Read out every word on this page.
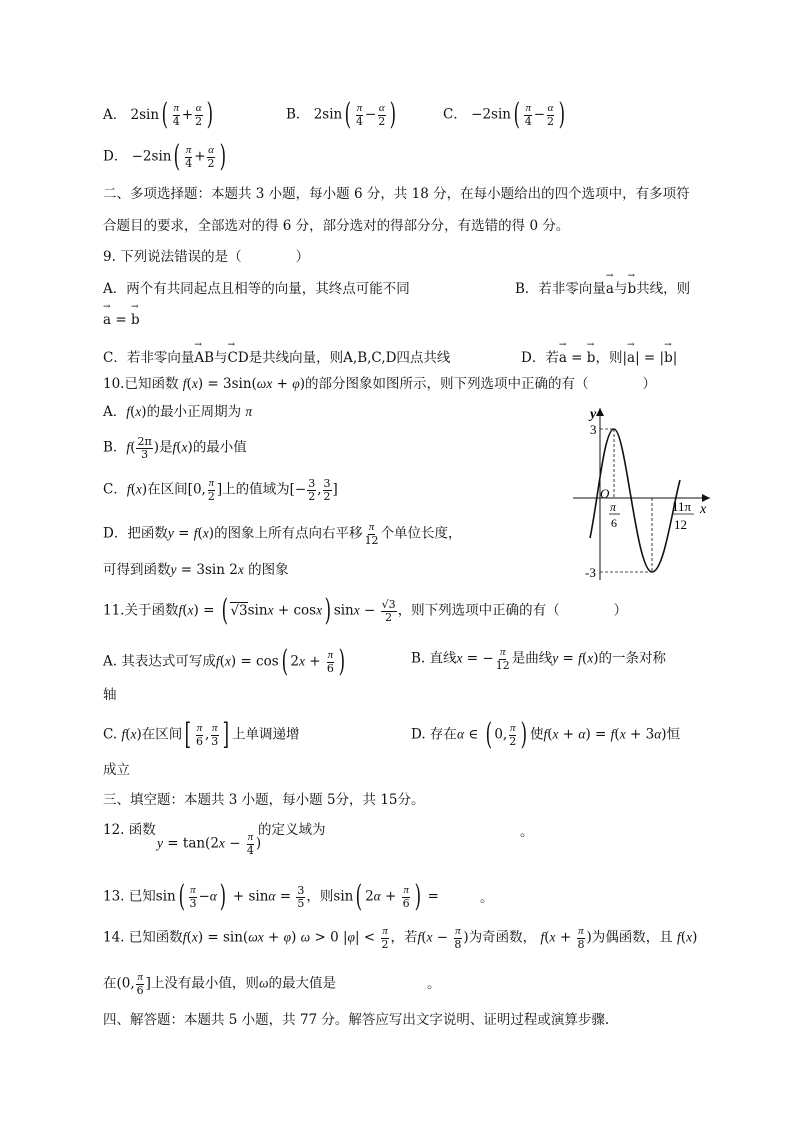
A． $2\sin( \frac{\pi}{4} + \frac{\alpha}{2}$ )	B． $2\sin( \frac{\pi}{4} - \frac{\alpha}{2}$ )	C． $-2\sin( \frac{\pi}{4} - \frac{\alpha}{2}$ )
D． $-2\sin( \frac{\pi}{4} + \frac{\alpha}{2}$ )
二、多项选择题：本题共 3 小题，每小题 6 分，共 18 分，在每小题给出的四个选项中，有多项符
合题目的要求，全部选对的得 6 分，部分选对的得部分分，有选错的得 0 分。
9. 下列说法错误的是（　　　　）
A．两个有共同起点且相等的向量，其终点可能不同	B．若非零向量→ a与→ b共线，则
→ a = → b
C．若非零向量→ AB与→ CD是共线向量，则A,B,C,D四点共线	D．若→ a = → b，则|→ a| = |→ b|
10.已知函数 f(x) = 3sin(ωx + φ)的部分图象如图所示，则下列选项中正确的有（　　　　）
A．f(x)的最小正周期为 π
B．$f( \frac{2\pi}{3}$ )是f(x)的最小值
C．f(x)在区间[0, $\frac{\pi}{2}$ ]上的值域为[− $\frac{3}{2}$ , $\frac{3}{2}$ ]
D．把函数y = f(x)的图象上所有点向右平移 $\frac{\pi}{12}$ 个单位长度，
可得到函数y = 3sin 2x 的图象
y
x
O
3
-3
π
6
11π
12
11.关于函数f(x) = ( √3sinx + cosx) $\sin x - \frac{√3}{2}$ ，则下列选项中正确的有（　　　　）
A. 其表达式可写成f(x) = cos( $2x + \frac{\pi}{6}$ )	B. 直线x = − $\frac{\pi}{12}$ 是曲线y = f(x)的一条对称
轴
C. f(x)在区间[ $\frac{\pi}{6}$ , $\frac{\pi}{3}$ ] 上单调递增	D. 存在α ∈ ( 0, $\frac{\pi}{2}$ ) 使f(x + α) = f(x + 3α)恒
成立
三、填空题：本题共 3 小题，每小题 5分，共 15分。
12. 函数
$y = \tan(2x - \frac{\pi}{4}$ )
的定义域为	。
13. 已知$\sin( \frac{\pi}{3} -\alpha) + \sin\alpha = \frac{3}{5}$ ，则sin( $2\alpha + \frac{\pi}{6}$ ) =	。
14. 已知函数f(x) = sin(ωx + φ) ω > 0 $|\varphi| < \frac{\pi}{2}$ ，若$f(x - \frac{\pi}{8}$ )为奇函数， $f(x + \frac{\pi}{8}$ )为偶函数，且 f(x)
在(0, $\frac{\pi}{6}$ ]上没有最小值，则ω的最大值是	。
四、解答题：本题共 5 小题，共 77 分。解答应写出文字说明、证明过程或演算步骤.
